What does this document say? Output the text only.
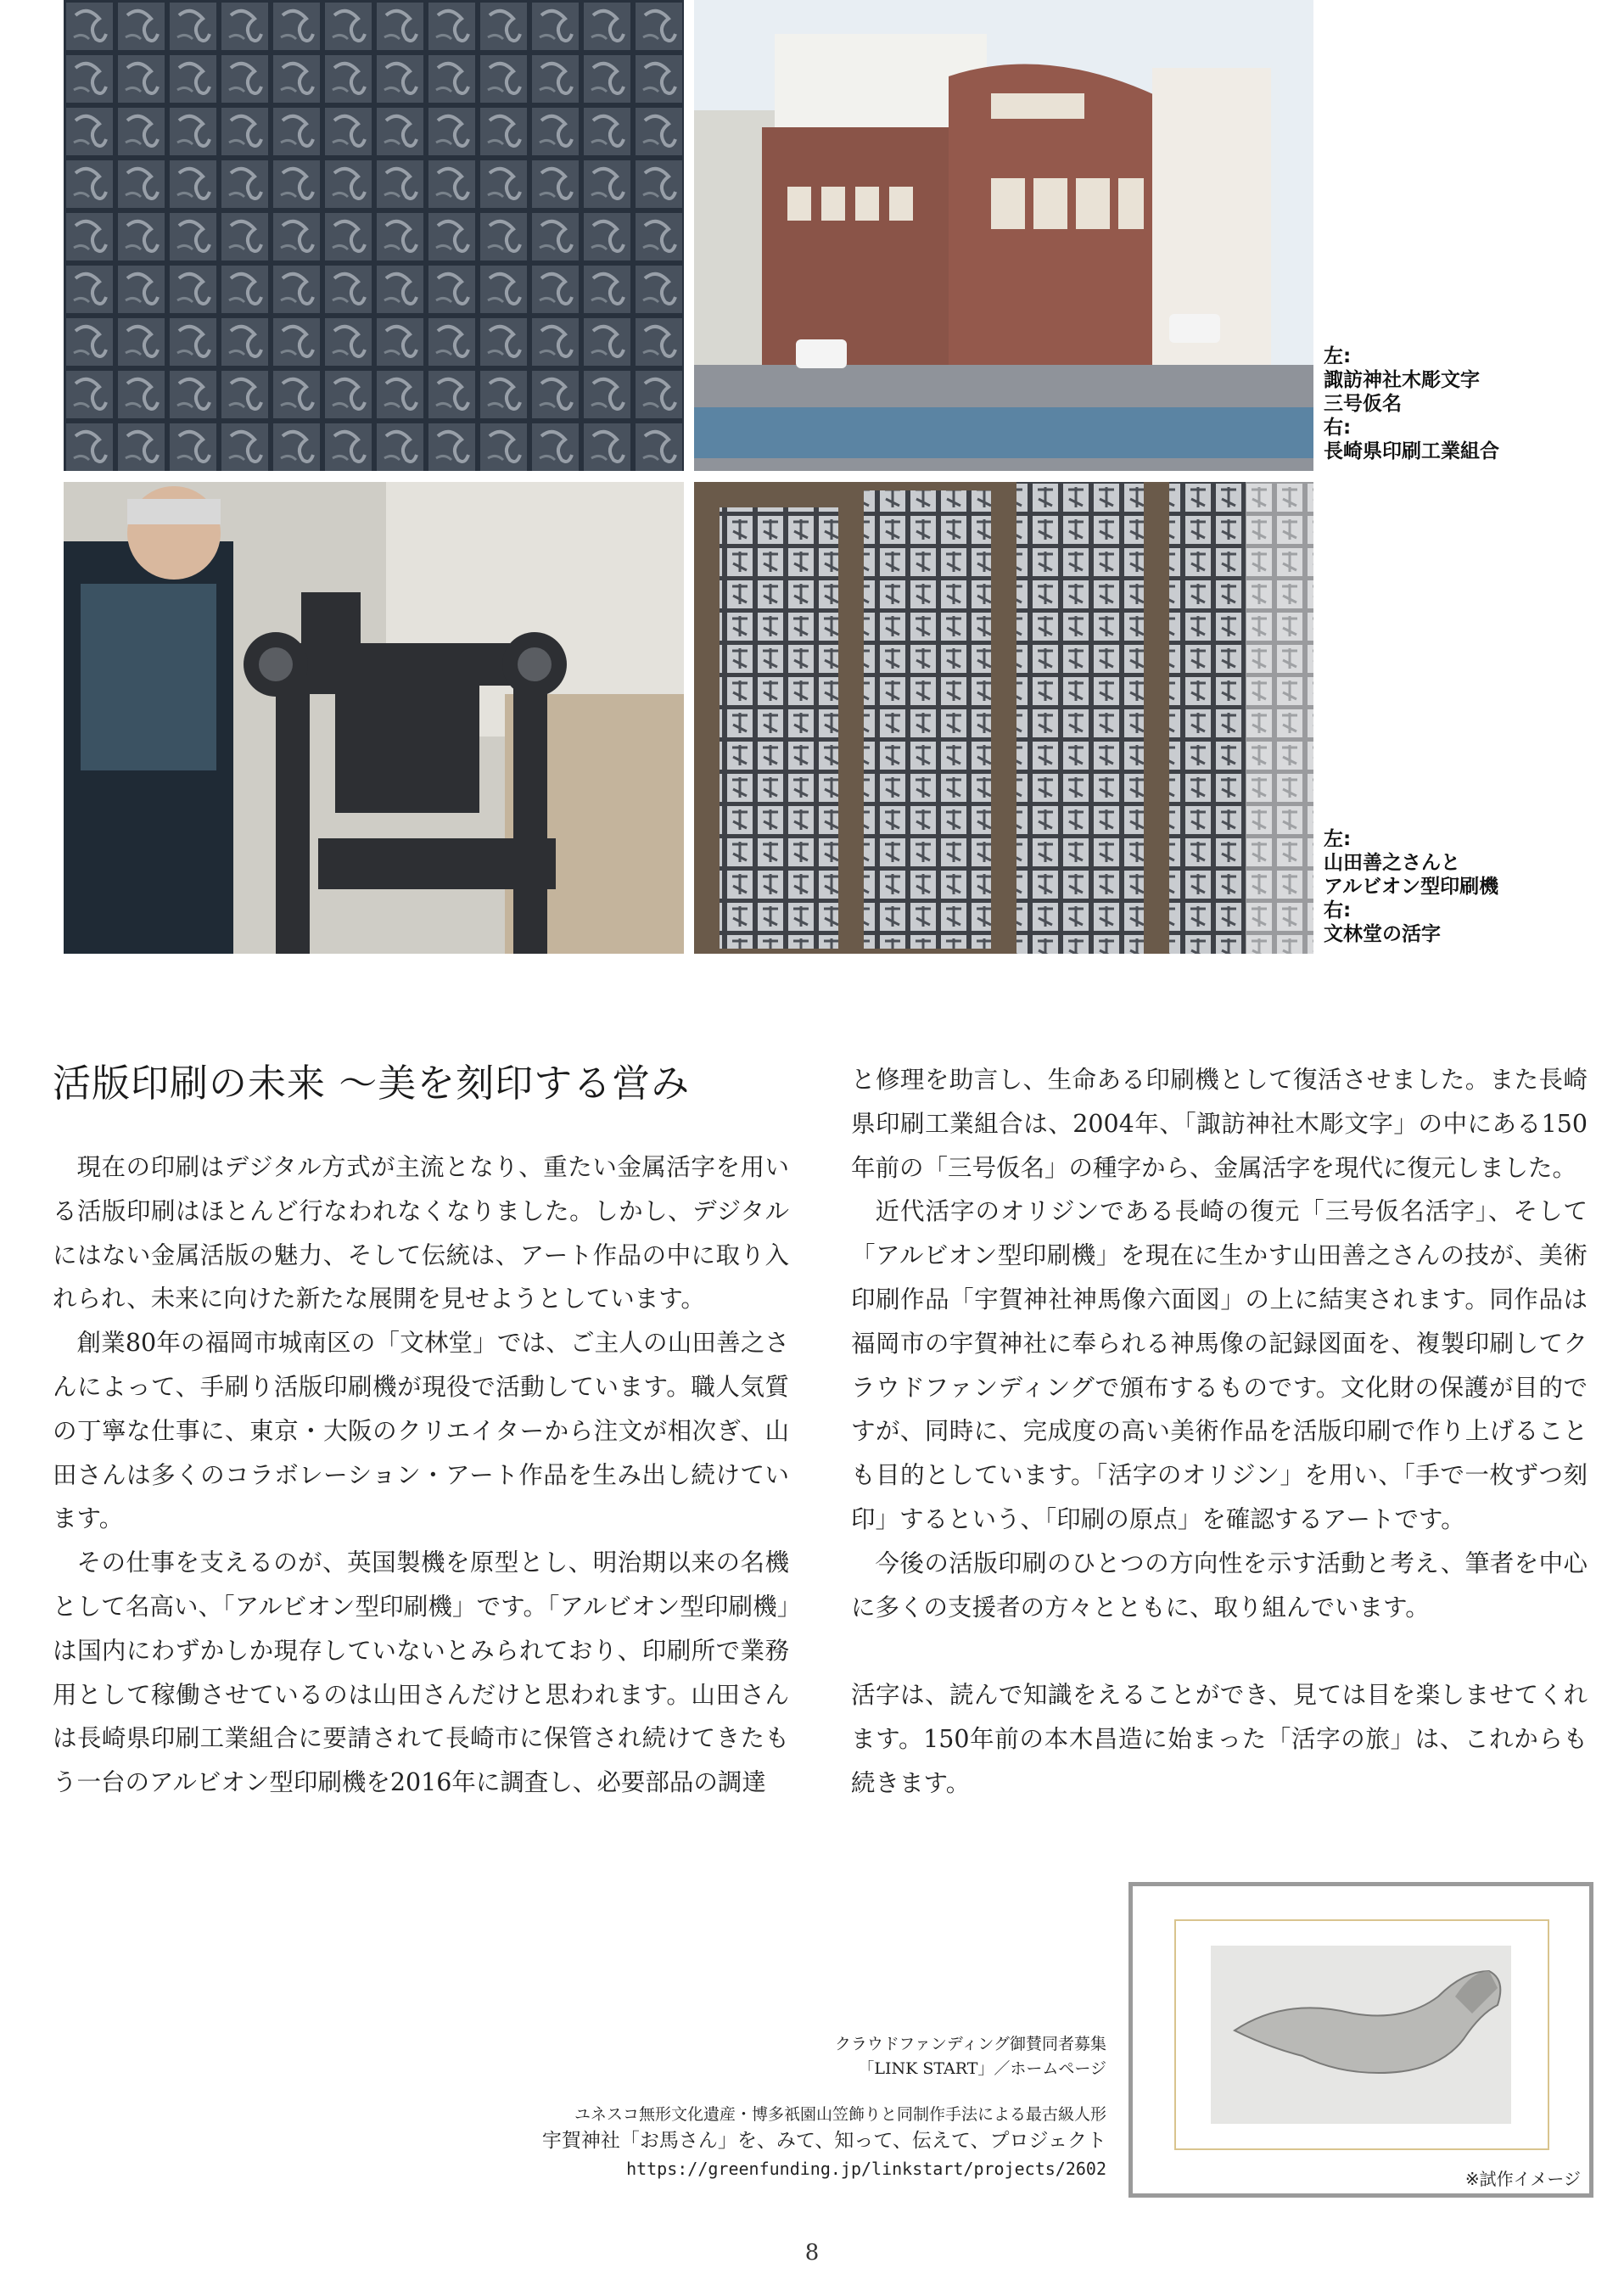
左:
諏訪神社木彫文字
三号仮名
右:
長崎県印刷工業組合
左:
山田善之さんと
アルビオン型印刷機
右:
文林堂の活字
活版印刷の未来 ～美を刻印する営み

現在の印刷はデジタル方式が主流となり、重たい金属活字を用いる活版印刷はほとんど行なわれなくなりました。しかし、デジタルにはない金属活版の魅力、そして伝統は、アート作品の中に取り入れられ、未来に向けた新たな展開を見せようとしています。

創業80年の福岡市城南区の「文林堂」では、ご主人の山田善之さんによって、手刷り活版印刷機が現役で活動しています。職人気質の丁寧な仕事に、東京・大阪のクリエイターから注文が相次ぎ、山田さんは多くのコラボレーション・アート作品を生み出し続けています。

その仕事を支えるのが、英国製機を原型とし、明治期以来の名機として名高い、「アルビオン型印刷機」です。「アルビオン型印刷機」は国内にわずかしか現存していないとみられており、印刷所で業務用として稼働させているのは山田さんだけと思われます。山田さんは長崎県印刷工業組合に要請されて長崎市に保管され続けてきたもう一台のアルビオン型印刷機を2016年に調査し、必要部品の調達

と修理を助言し、生命ある印刷機として復活させました。また長崎県印刷工業組合は、2004年、「諏訪神社木彫文字」の中にある150年前の「三号仮名」の種字から、金属活字を現代に復元しました。

近代活字のオリジンである長崎の復元「三号仮名活字」、そして「アルビオン型印刷機」を現在に生かす山田善之さんの技が、美術印刷作品「宇賀神社神馬像六面図」の上に結実されます。同作品は福岡市の宇賀神社に奉られる神馬像の記録図面を、複製印刷してクラウドファンディングで頒布するものです。文化財の保護が目的ですが、同時に、完成度の高い美術作品を活版印刷で作り上げることも目的としています。「活字のオリジン」を用い、「手で一枚ずつ刻印」するという、「印刷の原点」を確認するアートです。

今後の活版印刷のひとつの方向性を示す活動と考え、筆者を中心に多くの支援者の方々とともに、取り組んでいます。

活字は、読んで知識をえることができ、見ては目を楽しませてくれます。150年前の本木昌造に始まった「活字の旅」は、これからも続きます。

クラウドファンディング御賛同者募集
「LINK START」／ホームページ
ユネスコ無形文化遺産・博多祇園山笠飾りと同制作手法による最古級人形
宇賀神社「お馬さん」を、みて、知って、伝えて、プロジェクト
https://greenfunding.jp/linkstart/projects/2602	※試作イメージ
8
